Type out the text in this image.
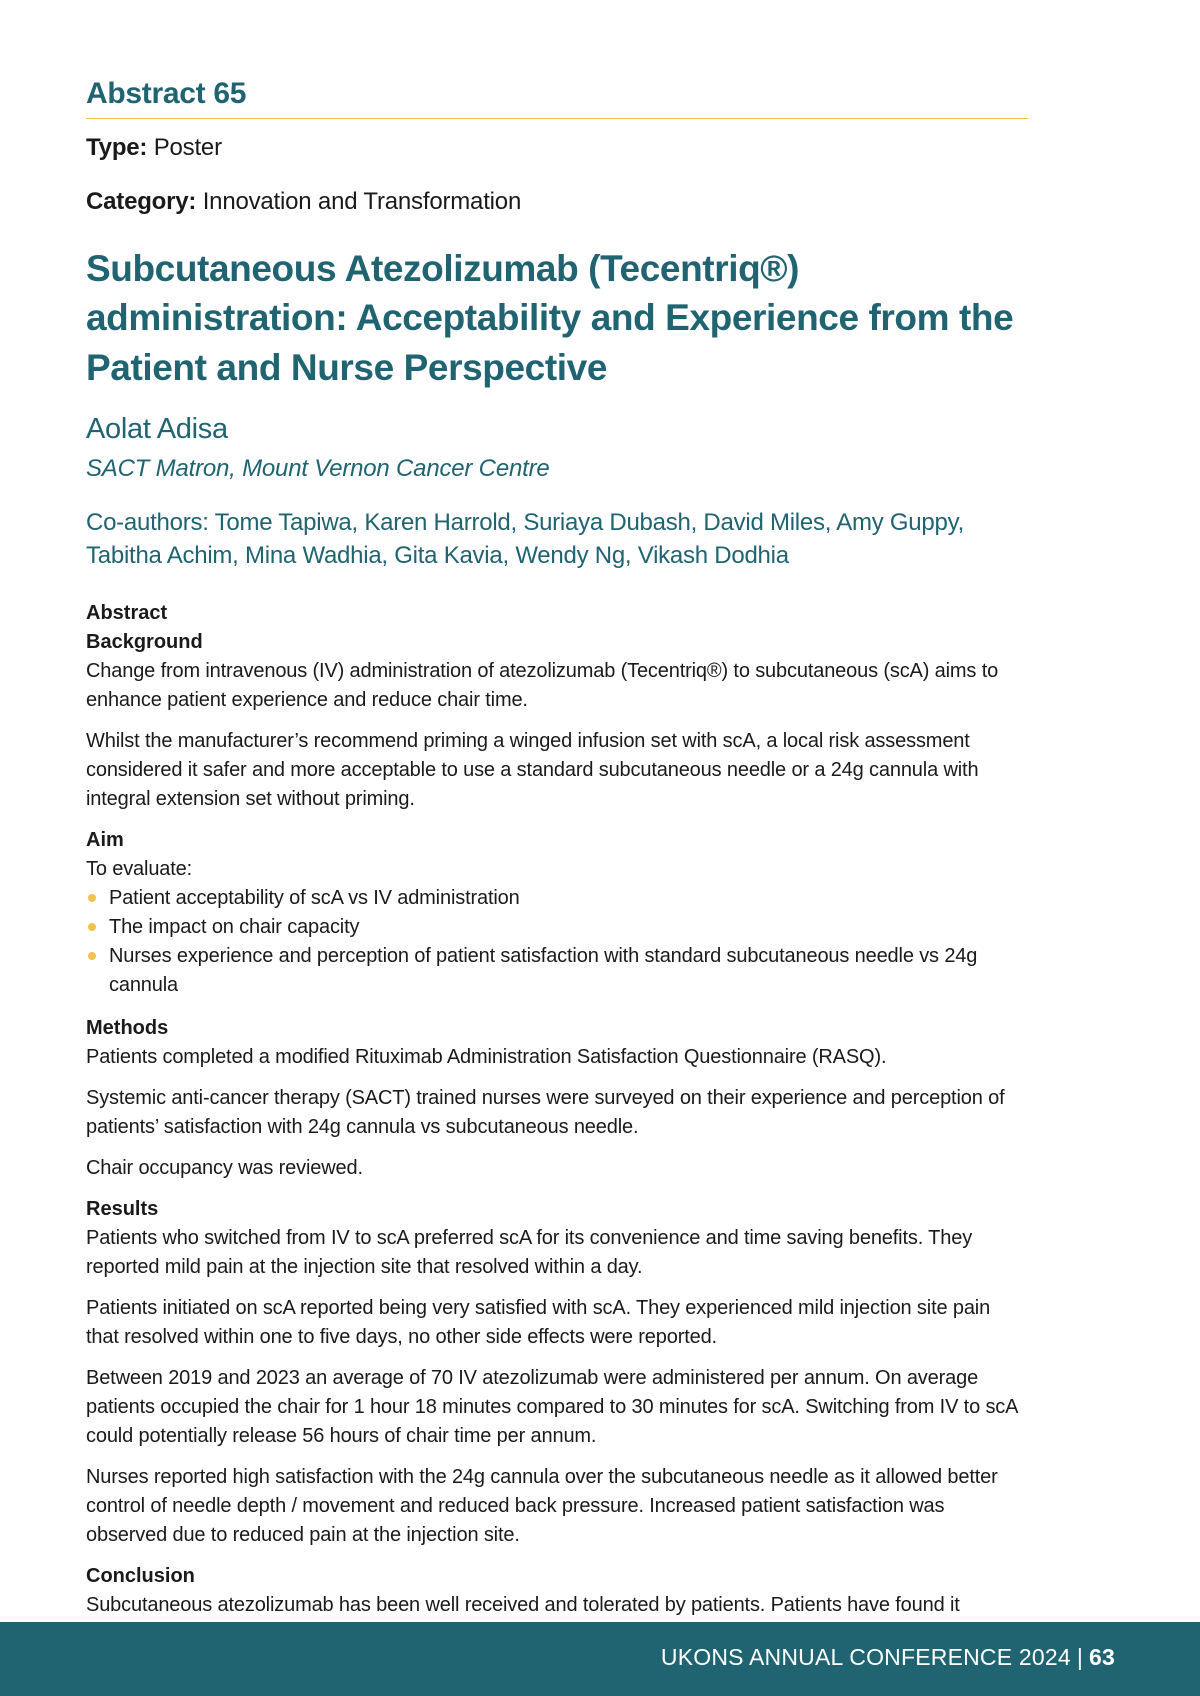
Abstract 65

Type: Poster

Category: Innovation and Transformation

Subcutaneous Atezolizumab (Tecentriq®) administration: Acceptability and Experience from the Patient and Nurse Perspective
Aolat Adisa
SACT Matron, Mount Vernon Cancer Centre
Co-authors: Tome Tapiwa, Karen Harrold, Suriaya Dubash, David Miles, Amy Guppy, Tabitha Achim, Mina Wadhia, Gita Kavia, Wendy Ng, Vikash Dodhia
Abstract
Background

Change from intravenous (IV) administration of atezolizumab (Tecentriq®) to subcutaneous (scA) aims to enhance patient experience and reduce chair time.

Whilst the manufacturer’s recommend priming a winged infusion set with scA, a local risk assessment considered it safer and more acceptable to use a standard subcutaneous needle or a 24g cannula with integral extension set without priming.

Aim

To evaluate:

Patient acceptability of scA vs IV administration
The impact on chair capacity
Nurses experience and perception of patient satisfaction with standard subcutaneous needle vs 24g cannula
Methods

Patients completed a modified Rituximab Administration Satisfaction Questionnaire (RASQ).

Systemic anti-cancer therapy (SACT) trained nurses were surveyed on their experience and perception of patients’ satisfaction with 24g cannula vs subcutaneous needle.

Chair occupancy was reviewed.

Results

Patients who switched from IV to scA preferred scA for its convenience and time saving benefits. They reported mild pain at the injection site that resolved within a day.

Patients initiated on scA reported being very satisfied with scA. They experienced mild injection site pain that resolved within one to five days, no other side effects were reported.

Between 2019 and 2023 an average of 70 IV atezolizumab were administered per annum. On average patients occupied the chair for 1 hour 18 minutes compared to 30 minutes for scA. Switching from IV to scA could potentially release 56 hours of chair time per annum.

Nurses reported high satisfaction with the 24g cannula over the subcutaneous needle as it allowed better control of needle depth / movement and reduced back pressure. Increased patient satisfaction was observed due to reduced pain at the injection site.

Conclusion

Subcutaneous atezolizumab has been well received and tolerated by patients. Patients have found it

UKONS ANNUAL CONFERENCE 2024 | 63
